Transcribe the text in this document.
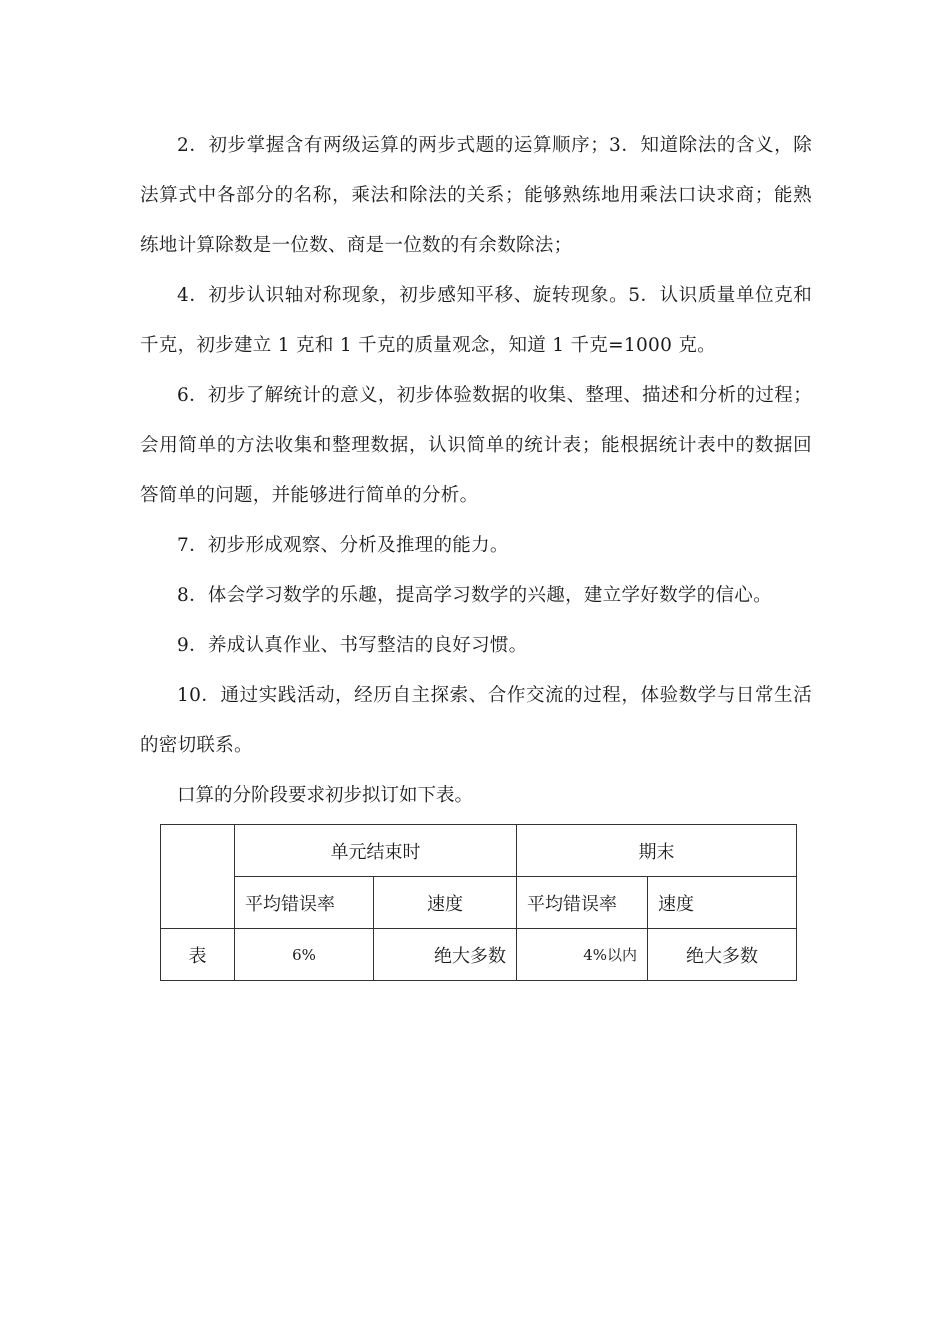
2．初步掌握含有两级运算的两步式题的运算顺序；3．知道除法的含义，除法算式中各部分的名称，乘法和除法的关系；能够熟练地用乘法口诀求商；能熟练地计算除数是一位数、商是一位数的有余数除法；

4．初步认识轴对称现象，初步感知平移、旋转现象。5．认识质量单位克和千克，初步建立 1 克和 1 千克的质量观念，知道 1 千克=1000 克。

6．初步了解统计的意义，初步体验数据的收集、整理、描述和分析的过程；会用简单的方法收集和整理数据，认识简单的统计表；能根据统计表中的数据回答简单的问题，并能够进行简单的分析。

7．初步形成观察、分析及推理的能力。

8．体会学习数学的乐趣，提高学习数学的兴趣，建立学好数学的信心。

9．养成认真作业、书写整洁的良好习惯。

10．通过实践活动，经历自主探索、合作交流的过程，体验数学与日常生活的密切联系。

口算的分阶段要求初步拟订如下表。

	单元结束时		期末	
	平均错误率	速度	平均错误率	速度
表	6%	绝大多数	4%以内	绝大多数
